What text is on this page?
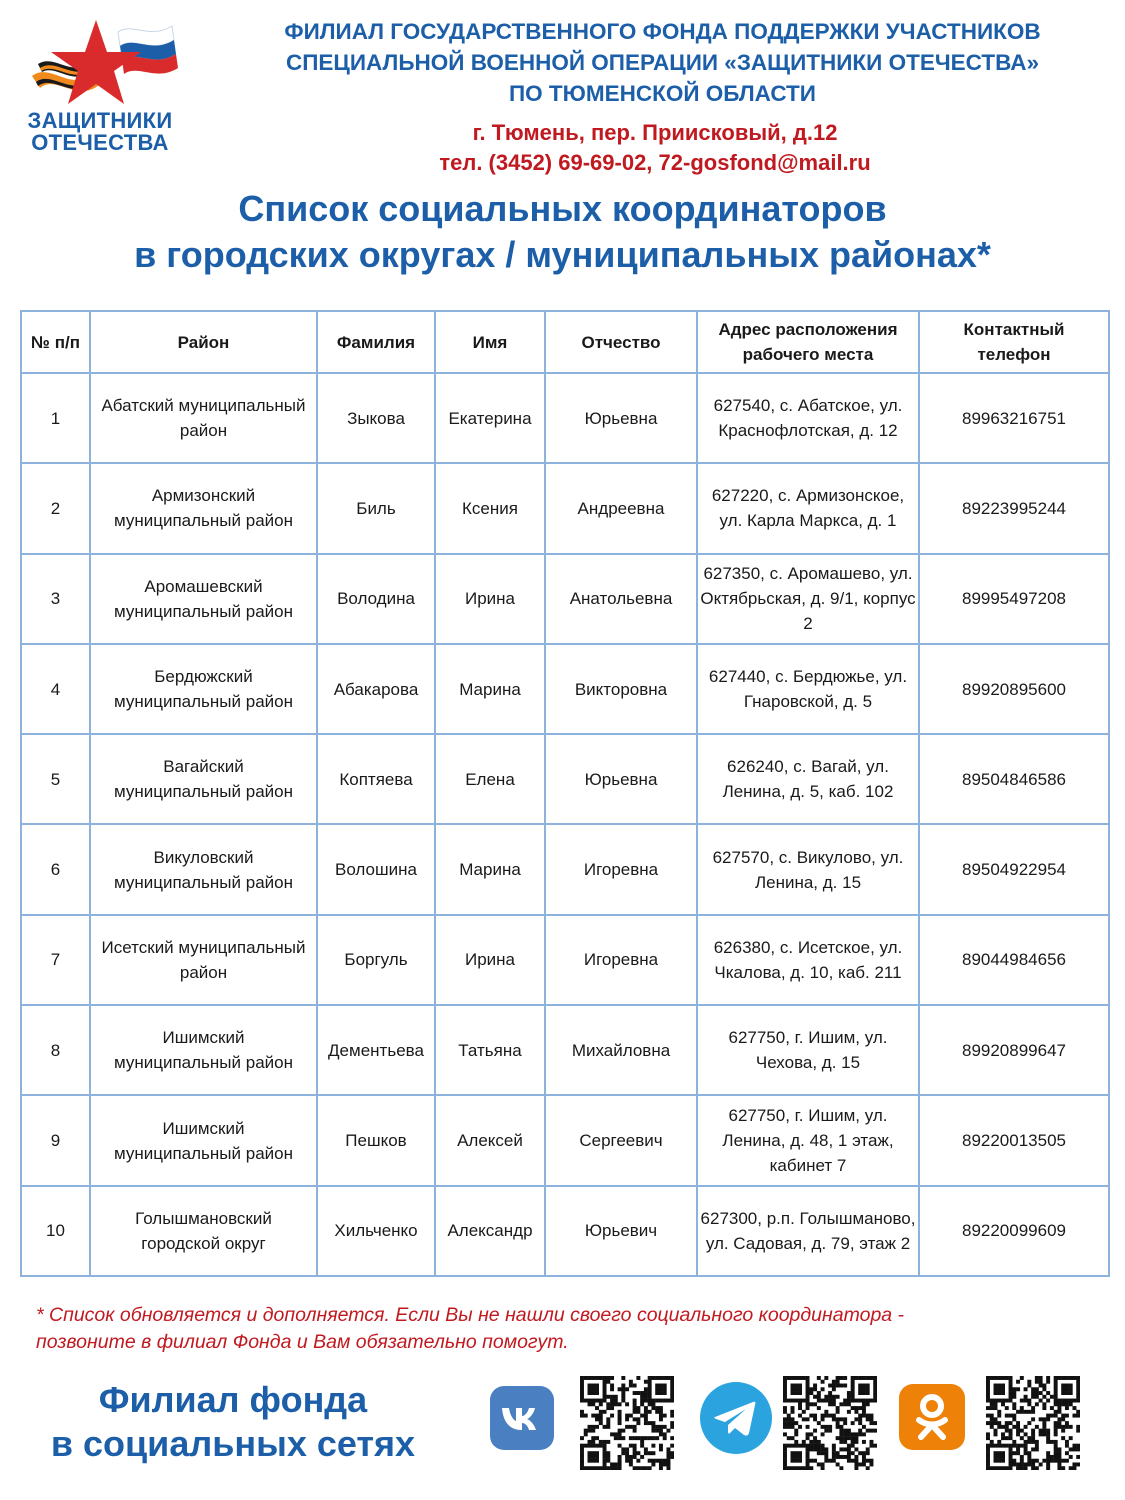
ЗАЩИТНИКИ
ОТЕЧЕСТВА
ФИЛИАЛ ГОСУДАРСТВЕННОГО ФОНДА ПОДДЕРЖКИ УЧАСТНИКОВ
СПЕЦИАЛЬНОЙ ВОЕННОЙ ОПЕРАЦИИ «ЗАЩИТНИКИ ОТЕЧЕСТВА»
ПО ТЮМЕНСКОЙ ОБЛАСТИ
г. Тюмень, пер. Приисковый, д.12
тел. (3452) 69-69-02, 72-gosfond@mail.ru
Список социальных координаторов
в городских округах / муниципальных районах*
№ п/п	Район	Фамилия	Имя	Отчество	Адрес расположения рабочего места	Контактный телефон
1	Абатский муниципальный район	Зыкова	Екатерина	Юрьевна	627540, с. Абатское, ул. Краснофлотская, д. 12	89963216751
2	Армизонский муниципальный район	Биль	Ксения	Андреевна	627220, с. Армизонское, ул. Карла Маркса, д. 1	89223995244
3	Аромашевский муниципальный район	Володина	Ирина	Анатольевна	627350, с. Аромашево, ул. Октябрьская, д. 9/1, корпус 2	89995497208
4	Бердюжский муниципальный район	Абакарова	Марина	Викторовна	627440, с. Бердюжье, ул. Гнаровской, д. 5	89920895600
5	Вагайский муниципальный район	Коптяева	Елена	Юрьевна	626240, с. Вагай, ул. Ленина, д. 5, каб. 102	89504846586
6	Викуловский муниципальный район	Волошина	Марина	Игоревна	627570, с. Викулово, ул. Ленина, д. 15	89504922954
7	Исетский муниципальный район	Боргуль	Ирина	Игоревна	626380, с. Исетское, ул. Чкалова, д. 10, каб. 211	89044984656
8	Ишимский муниципальный район	Дементьева	Татьяна	Михайловна	627750, г. Ишим, ул. Чехова, д. 15	89920899647
9	Ишимский муниципальный район	Пешков	Алексей	Сергеевич	627750, г. Ишим, ул. Ленина, д. 48, 1 этаж, кабинет 7	89220013505
10	Голышмановский городской округ	Хильченко	Александр	Юрьевич	627300, р.п. Голышманово, ул. Садовая, д. 79, этаж 2	89220099609
* Список обновляется и дополняется. Если Вы не нашли своего социального координатора -
позвоните в филиал Фонда и Вам обязательно помогут.
Филиал фонда
в социальных сетях
